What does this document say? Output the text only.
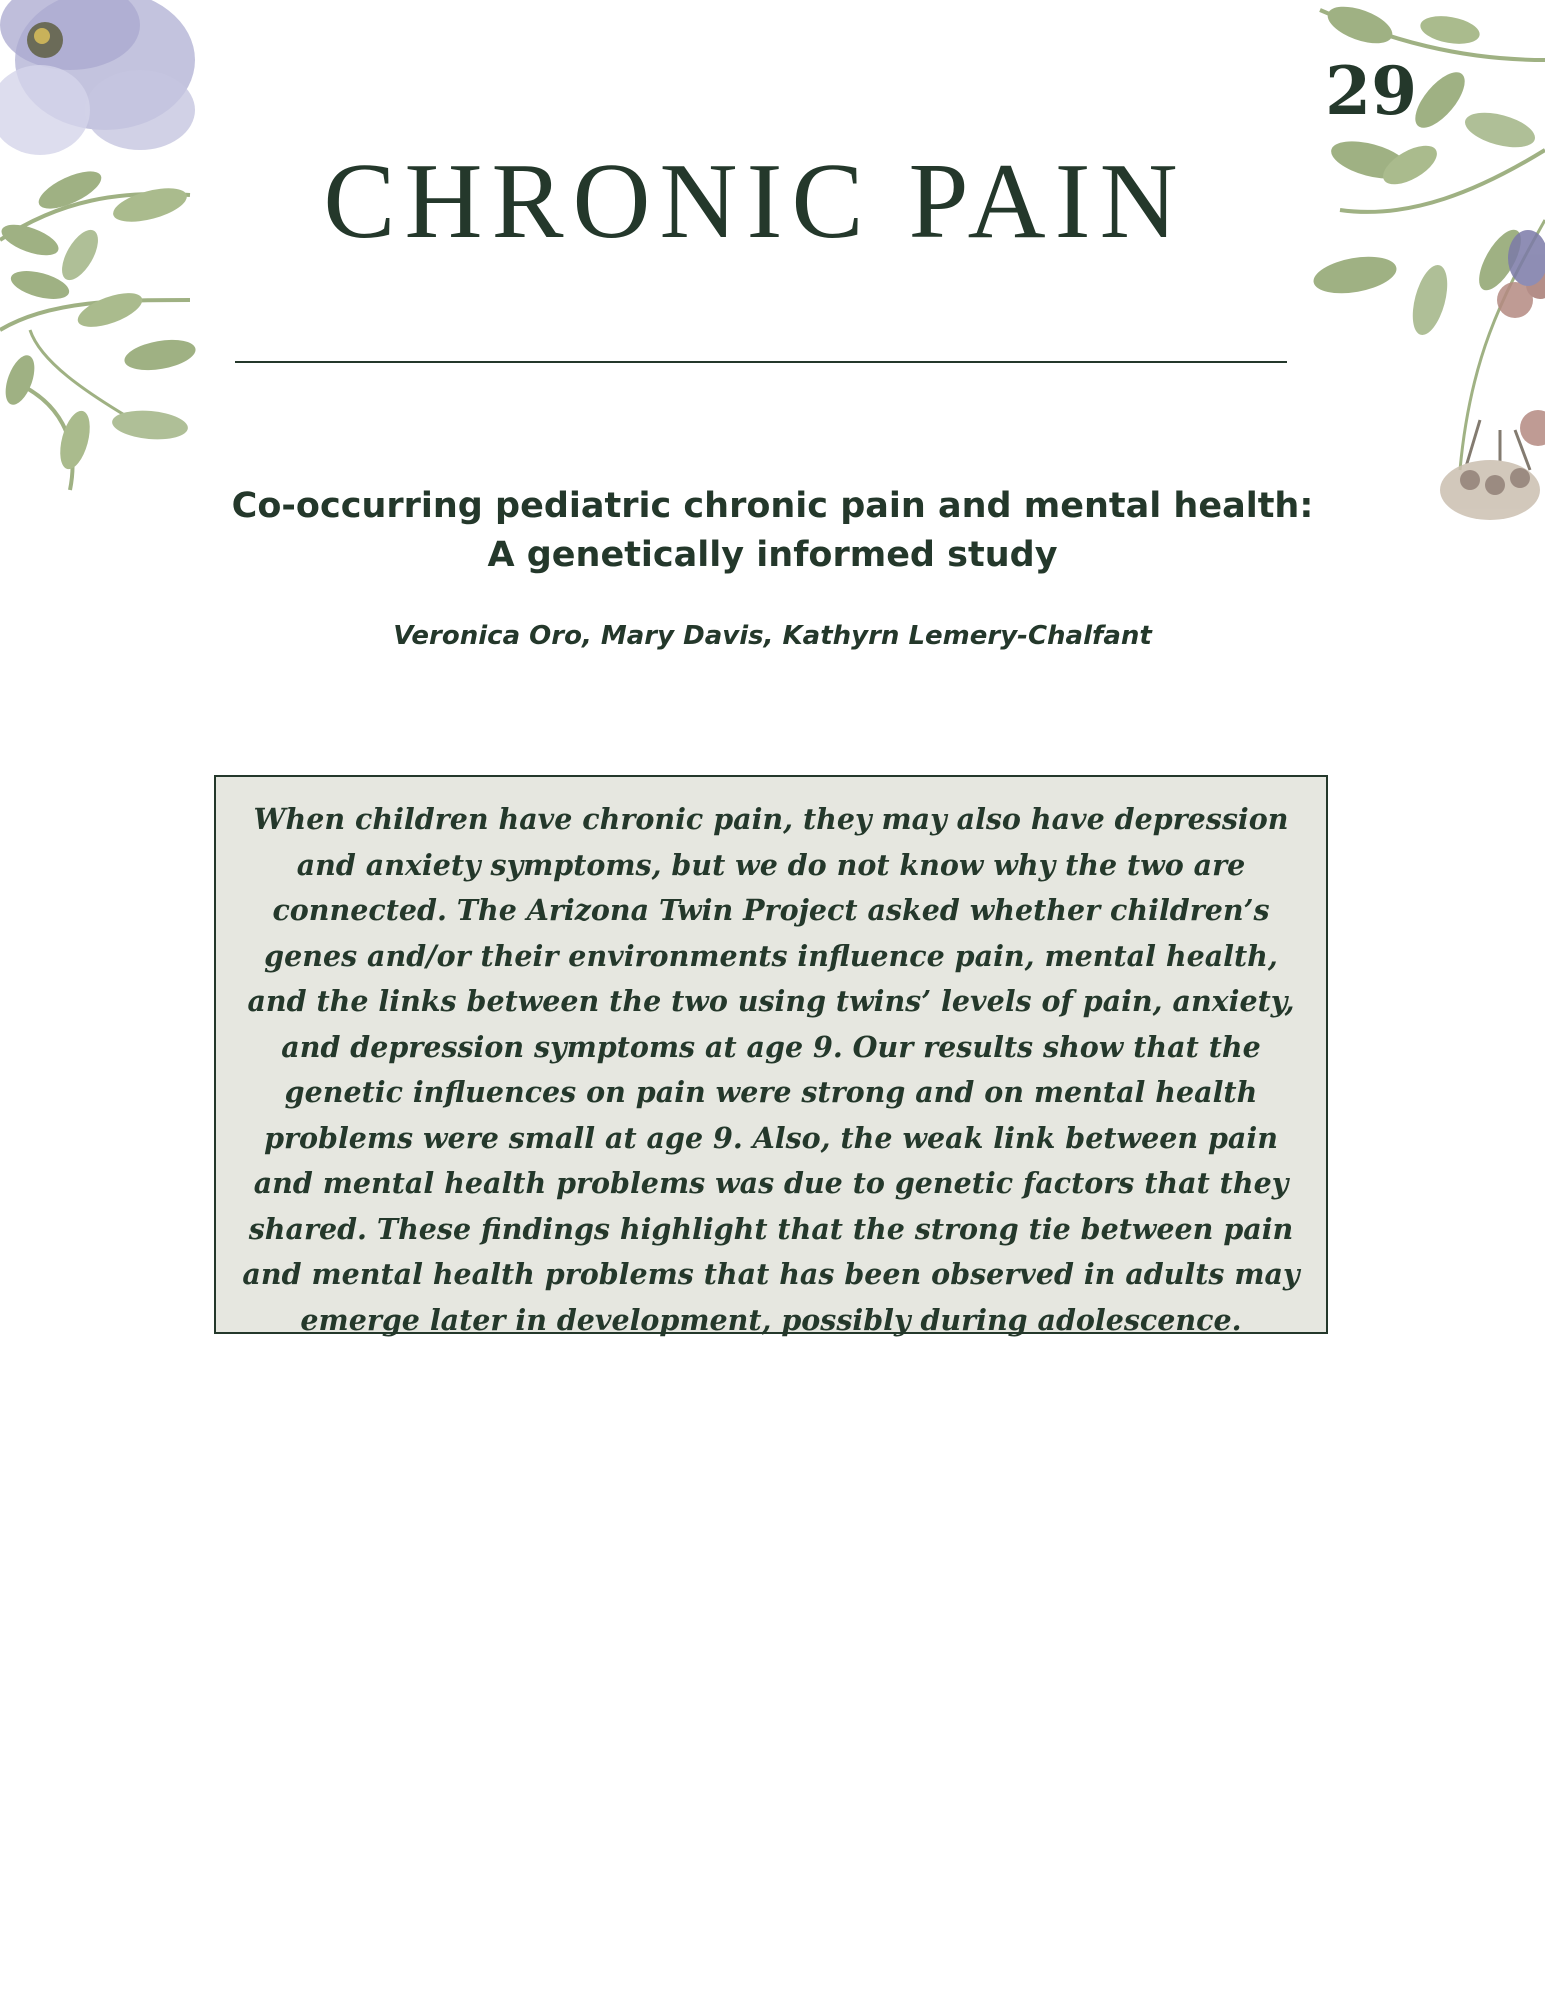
29
CHRONIC PAIN
Co-occurring pediatric chronic pain and mental health:
A genetically informed study
Veronica Oro, Mary Davis, Kathyrn Lemery-Chalfant

When children have chronic pain, they may also have depression and anxiety symptoms, but we do not know why the two are connected. The Arizona Twin Project asked whether children’s genes and/or their environments influence pain, mental health, and the links between the two using twins’ levels of pain, anxiety, and depression symptoms at age 9. Our results show that the genetic influences on pain were strong and on mental health problems were small at age 9. Also, the weak link between pain and mental health problems was due to genetic factors that they shared. These findings highlight that the strong tie between pain and mental health problems that has been observed in adults may emerge later in development, possibly during adolescence.
